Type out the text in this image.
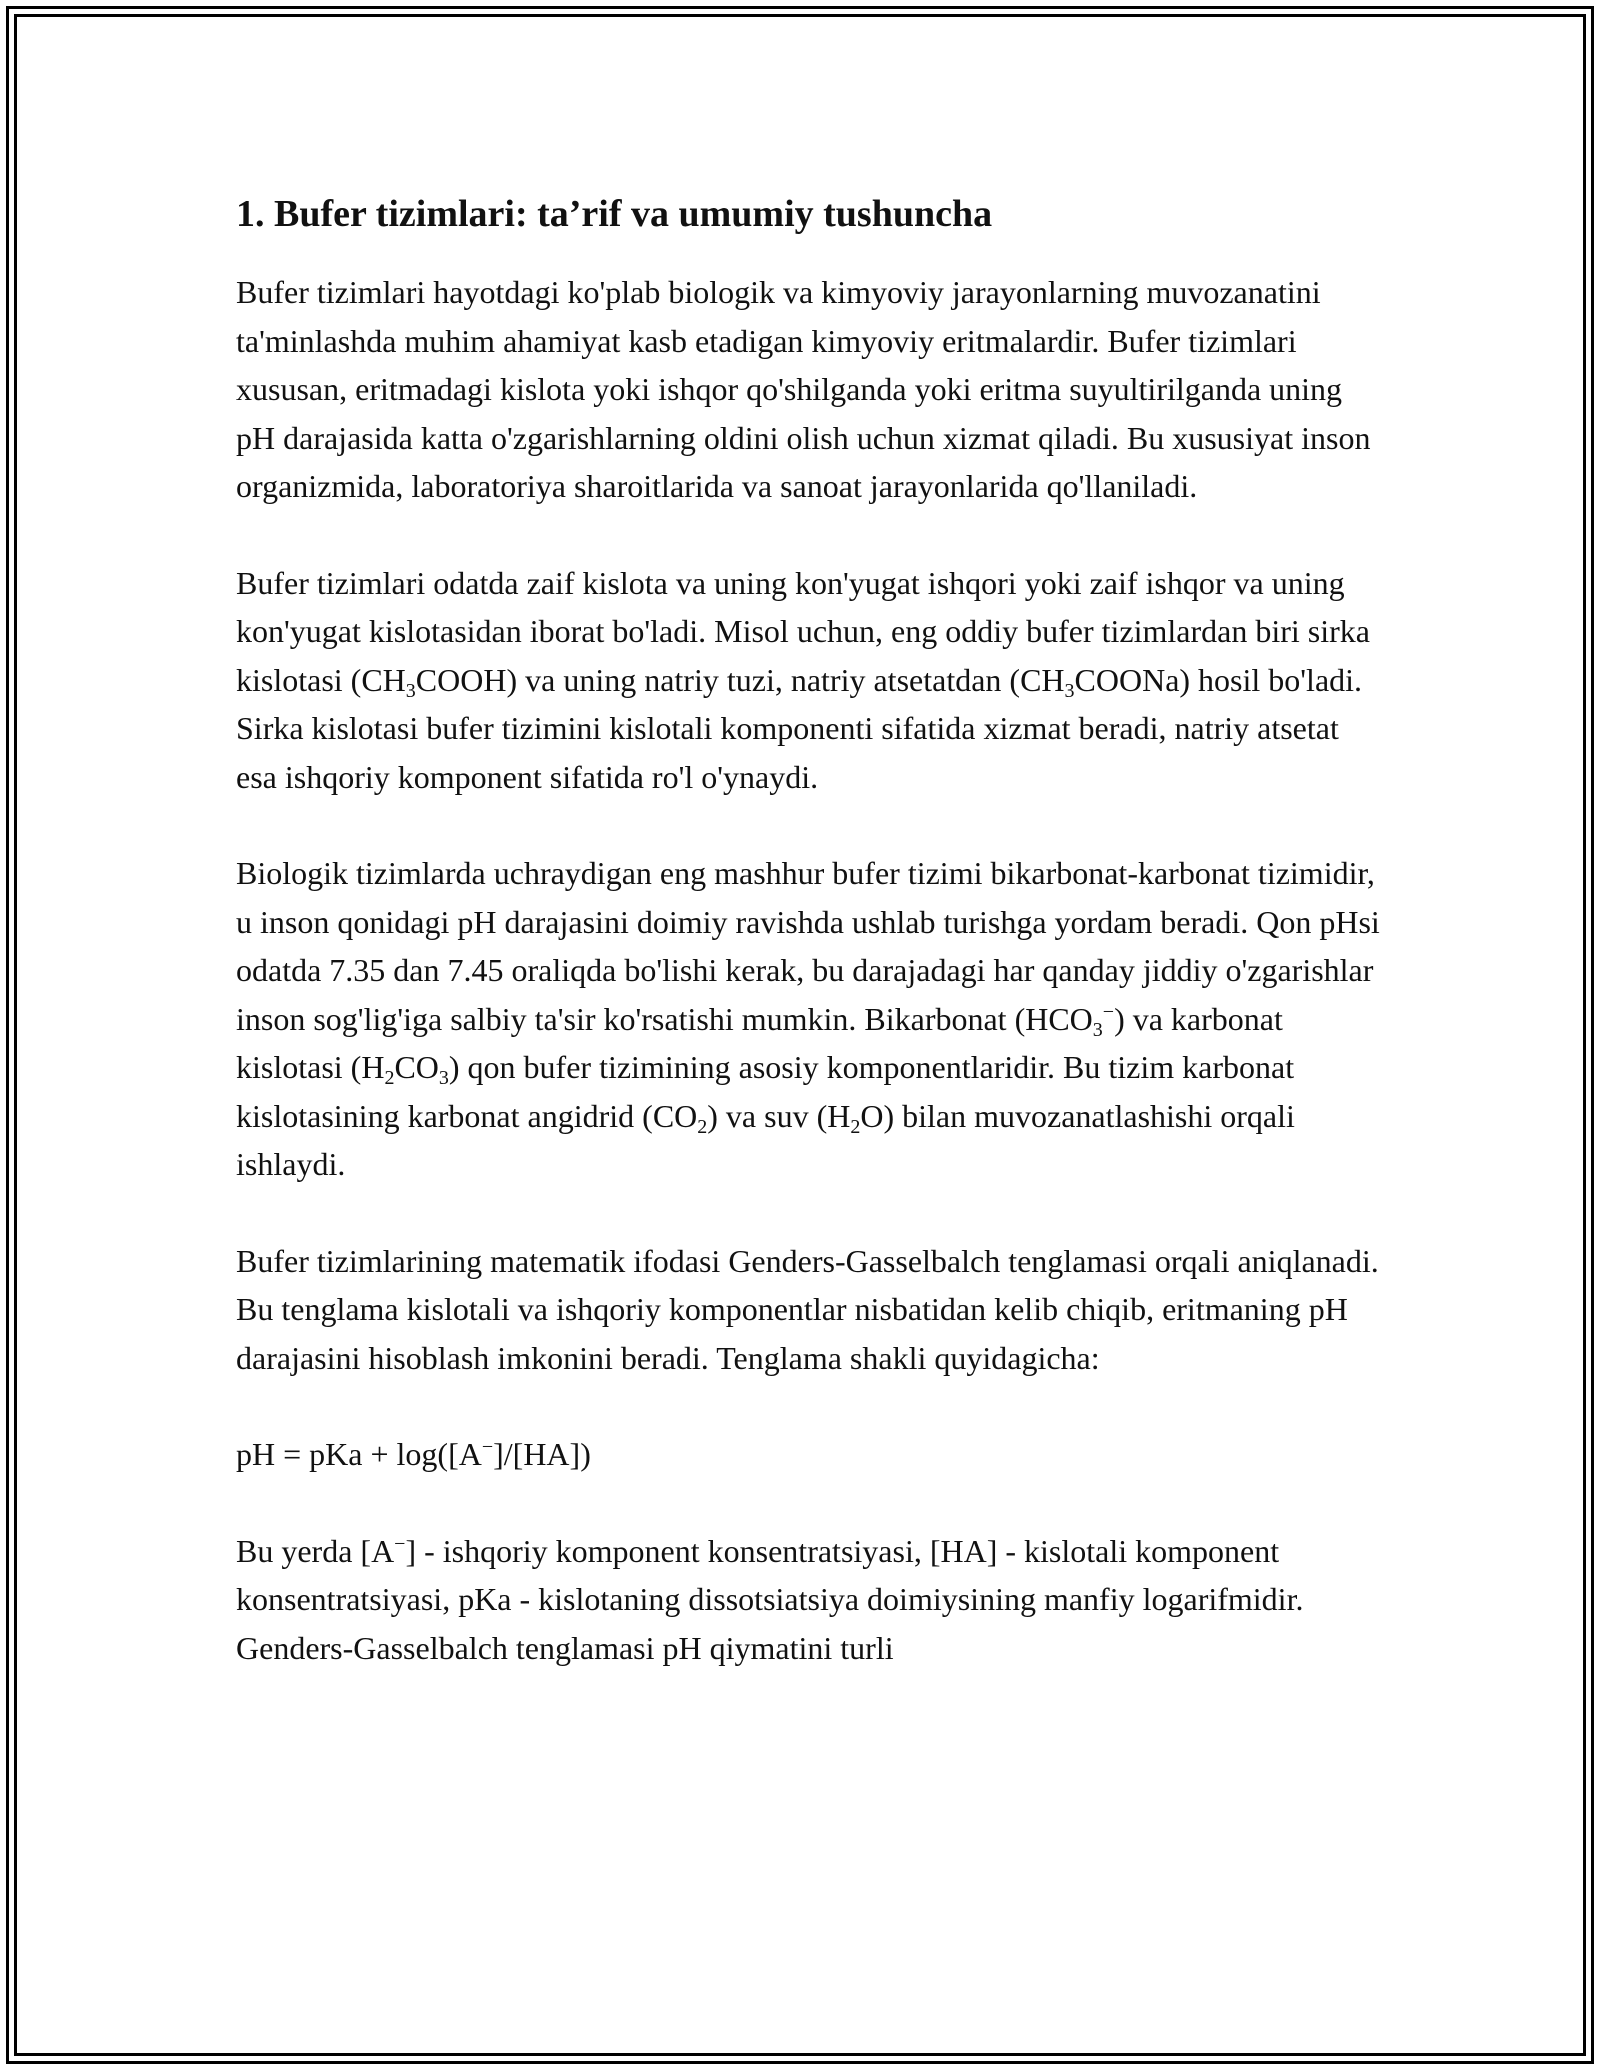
1. Bufer tizimlari: ta’rif va umumiy tushuncha

Bufer tizimlari hayotdagi ko'plab biologik va kimyoviy jarayonlarning muvozanatini ta'minlashda muhim ahamiyat kasb etadigan kimyoviy eritmalardir. Bufer tizimlari xususan, eritmadagi kislota yoki ishqor qo'shilganda yoki eritma suyultirilganda uning pH darajasida katta o'zgarishlarning oldini olish uchun xizmat qiladi. Bu xususiyat inson organizmida, laboratoriya sharoitlarida va sanoat jarayonlarida qo'llaniladi.

Bufer tizimlari odatda zaif kislota va uning kon'yugat ishqori yoki zaif ishqor va uning kon'yugat kislotasidan iborat bo'ladi. Misol uchun, eng oddiy bufer tizimlardan biri sirka kislotasi $(CH_3COOH)$ va uning natriy tuzi, natriy atsetatdan $(CH_3COONa)$ hosil bo'ladi. Sirka kislotasi bufer tizimini kislotali komponenti sifatida xizmat beradi, natriy atsetat esa ishqoriy komponent sifatida ro'l o'ynaydi.

Biologik tizimlarda uchraydigan eng mashhur bufer tizimi bikarbonat-karbonat tizimidir, u inson qonidagi pH darajasini doimiy ravishda ushlab turishga yordam beradi. Qon pHsi odatda 7.35 dan 7.45 oraliqda bo'lishi kerak, bu darajadagi har qanday jiddiy o'zgarishlar inson sog'lig'iga salbiy ta'sir ko'rsatishi mumkin. Bikarbonat $(HCO_3^-)$ va karbonat kislotasi $(H_2CO_3)$ qon bufer tizimining asosiy komponentlaridir. Bu tizim karbonat kislotasining karbonat angidrid $(CO_2)$ va suv $(H_2O)$ bilan muvozanatlashishi orqali ishlaydi.

Bufer tizimlarining matematik ifodasi Genders-Gasselbalch tenglamasi orqali aniqlanadi. Bu tenglama kislotali va ishqoriy komponentlar nisbatidan kelib chiqib, eritmaning pH darajasini hisoblash imkonini beradi. Tenglama shakli quyidagicha:

pH = pKa + log([A−]/[HA])

Bu yerda [A−] - ishqoriy komponent konsentratsiyasi, [HA] - kislotali komponent konsentratsiyasi, pKa - kislotaning dissotsiatsiya doimiysining manfiy logarifmidir. Genders-Gasselbalch tenglamasi pH qiymatini turli
